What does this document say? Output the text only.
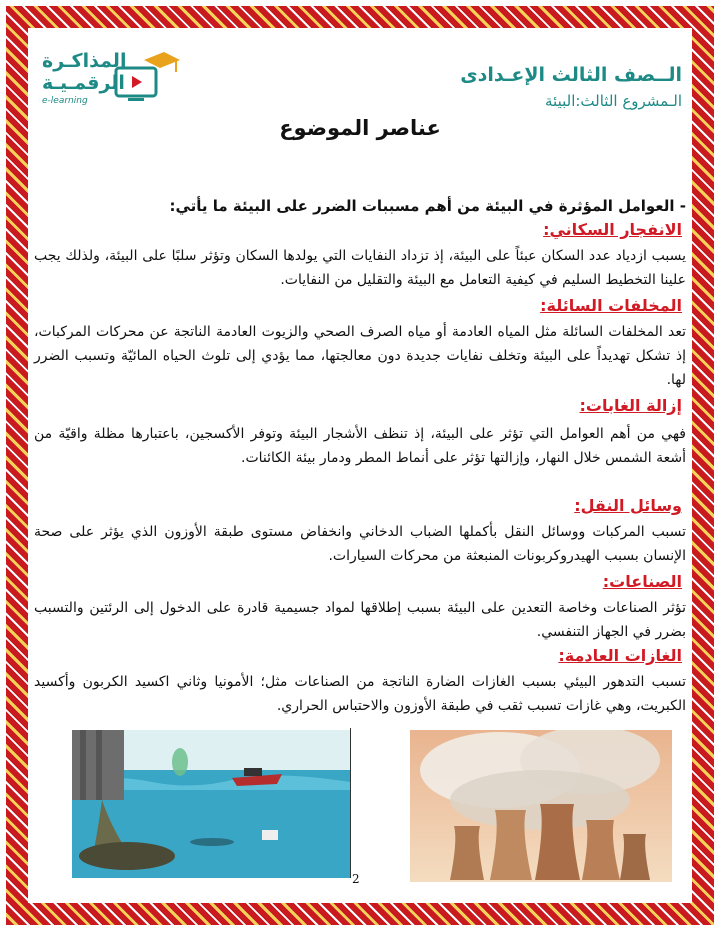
الــصف الثالث الإعـدادى
الـمشروع الثالث:البيئة
المذاكـرة
الرقمـيـة
e-learning
عناصر الموضوع
- العوامل المؤثرة في البيئة من أهم مسببات الضرر على البيئة ما يأتي:
الانفجار السكاني:
يسبب ازدياد عدد السكان عبئاً على البيئة، إذ تزداد النفايات التي يولدها السكان وتؤثر سلبًا على البيئة، ولذلك يجب علينا التخطيط السليم في كيفية التعامل مع البيئة والتقليل من النفايات.
المخلفات السائلة:
تعد المخلفات السائلة مثل المياه العادمة أو مياه الصرف الصحي والزيوت العادمة الناتجة عن محركات المركبات، إذ تشكل تهديداً على البيئة وتخلف نفايات جديدة دون معالجتها، مما يؤدي إلى تلوث الحياه المائيّة وتسبب الضرر لها.
إزالة الغابات:
فهي من أهم العوامل التي تؤثر على البيئة، إذ تنظف الأشجار البيئة وتوفر الأكسجين، باعتبارها مظلة واقيّة من أشعة الشمس خلال النهار، وإزالتها تؤثر على أنماط المطر ودمار بيئة الكائنات.
وسائل النقل:
تسبب المركبات ووسائل النقل بأكملها الضباب الدخاني وانخفاض مستوى طبقة الأوزون الذي يؤثر على صحة الإنسان بسبب الهيدروكربونات المنبعثة من محركات السيارات.
الصناعات:
تؤثر الصناعات وخاصة التعدين على البيئة بسبب إطلاقها لمواد جسيمية قادرة على الدخول إلى الرئتين والتسبب بضرر في الجهاز التنفسي.
الغازات العادمة:
تسبب التدهور البيئي بسبب الغازات الضارة الناتجة من الصناعات مثل؛ الأمونيا وثاني اكسيد الكربون وأكسيد الكبريت، وهي غازات تسبب ثقب في طبقة الأوزون والاحتباس الحراري.
2
